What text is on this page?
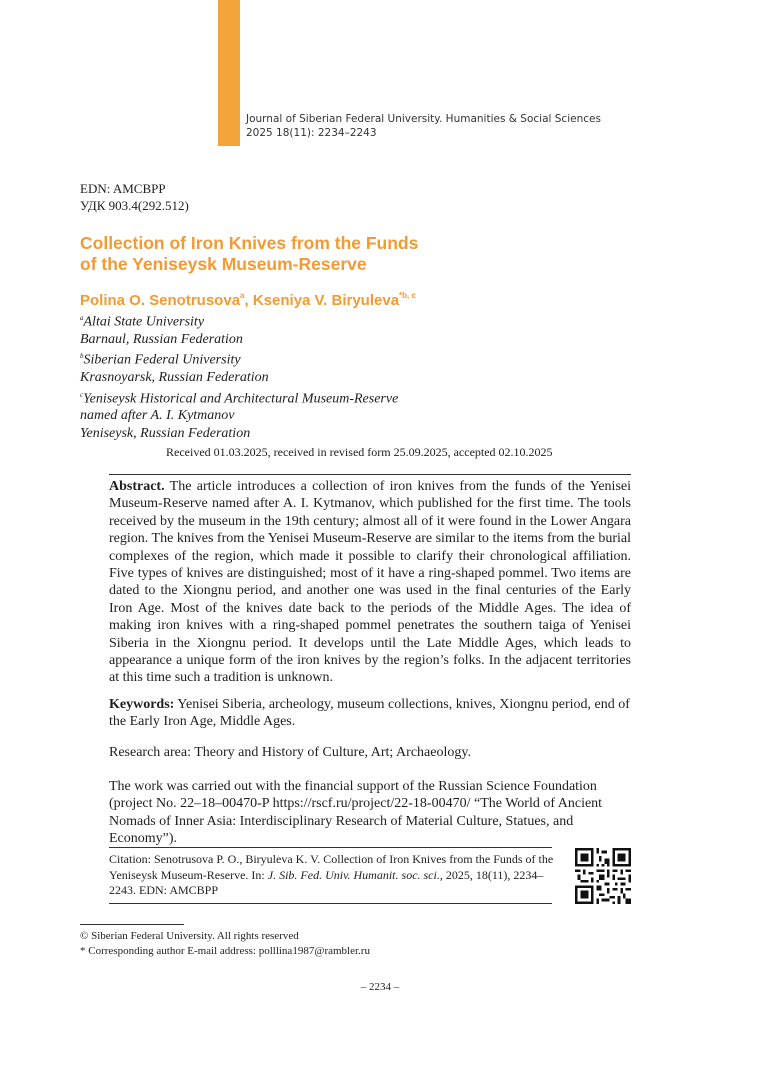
Journal of Siberian Federal University. Humanities & Social Sciences
2025 18(11): 2234–2243
EDN: AMCBPP
УДК 903.4(292.512)
Collection of Iron Knives from the Funds
of the Yeniseysk Museum-Reserve
Polina O. Senotrusova$^a$, Kseniya V. Biryuleva$^{*b, c}$
$^a$Altai State University
Barnaul, Russian Federation
$^b$Siberian Federal University
Krasnoyarsk, Russian Federation
$^c$Yeniseysk Historical and Architectural Museum-Reserve
named after A. I. Kytmanov
Yeniseysk, Russian Federation
Received 01.03.2025, received in revised form 25.09.2025, accepted 02.10.2025
Abstract. The article introduces a collection of iron knives from the funds of the Yenisei Museum-Reserve named after A. I. Kytmanov, which published for the first time. The tools received by the museum in the 19th century; almost all of it were found in the Lower Angara region. The knives from the Yenisei Museum-Reserve are similar to the items from the burial complexes of the region, which made it possible to clarify their chronological affiliation. Five types of knives are distinguished; most of it have a ring-shaped pommel. Two items are dated to the Xiongnu period, and another one was used in the final centuries of the Early Iron Age. Most of the knives date back to the periods of the Middle Ages. The idea of making iron knives with a ring-shaped pommel penetrates the southern taiga of Yenisei Siberia in the Xiongnu period. It develops until the Late Middle Ages, which leads to appearance a unique form of the iron knives by the region’s folks. In the adjacent territories at this time such a tradition is unknown.
Keywords: Yenisei Siberia, archeology, museum collections, knives, Xiongnu period, end of the Early Iron Age, Middle Ages.
Research area: Theory and History of Culture, Art; Archaeology.
The work was carried out with the financial support of the Russian Science Foundation (project No. 22–18–00470-P https://rscf.ru/project/22-18-00470/ “The World of Ancient Nomads of Inner Asia: Interdisciplinary Research of Material Culture, Statues, and Economy”).
Citation: Senotrusova P. O., Biryuleva K. V. Collection of Iron Knives from the Funds of the Yeniseysk Museum-Reserve. In: J. Sib. Fed. Univ. Humanit. soc. sci., 2025, 18(11), 2234–2243. EDN: AMCBPP
© Siberian Federal University. All rights reserved
* Corresponding author E-mail address: polllina1987@rambler.ru
– 2234 –
